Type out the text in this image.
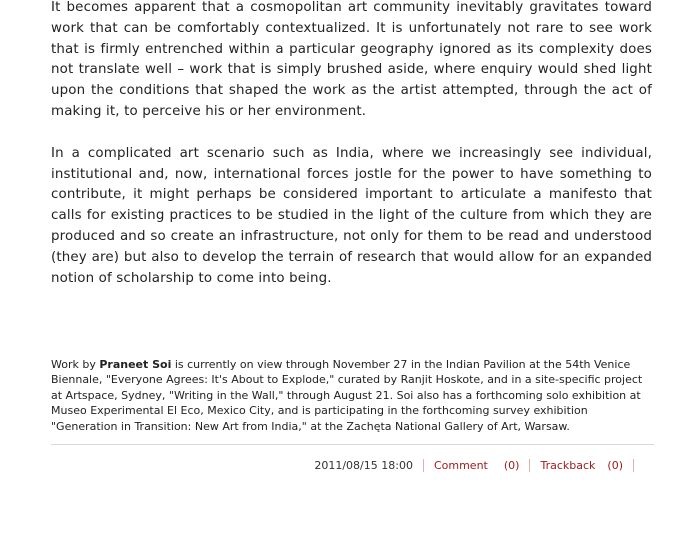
It becomes apparent that a cosmopolitan art community inevitably gravitates toward work that can be comfortably contextualized. It is unfortunately not rare to see work that is firmly entrenched within a particular geography ignored as its complexity does not translate well – work that is simply brushed aside, where enquiry would shed light upon the conditions that shaped the work as the artist attempted, through the act of making it, to perceive his or her environment.

In a complicated art scenario such as India, where we increasingly see individual, institutional and, now, international forces jostle for the power to have something to contribute, it might perhaps be considered important to articulate a manifesto that calls for existing practices to be studied in the light of the culture from which they are produced and so create an infrastructure, not only for them to be read and understood (they are) but also to develop the terrain of research that would allow for an expanded notion of scholarship to come into being.

Work by Praneet Soi is currently on view through November 27 in the Indian Pavilion at the 54th Venice Biennale, "Everyone Agrees: It's About to Explode," curated by Ranjit Hoskote, and in a site-specific project at Artspace, Sydney, "Writing in the Wall," through August 21. Soi also has a forthcoming solo exhibition at Museo Experimental El Eco, Mexico City, and is participating in the forthcoming survey exhibition "Generation in Transition: New Art from India," at the Zachęta National Gallery of Art, Warsaw.

2011/08/15 18:00 Comment (0) Trackback (0)
